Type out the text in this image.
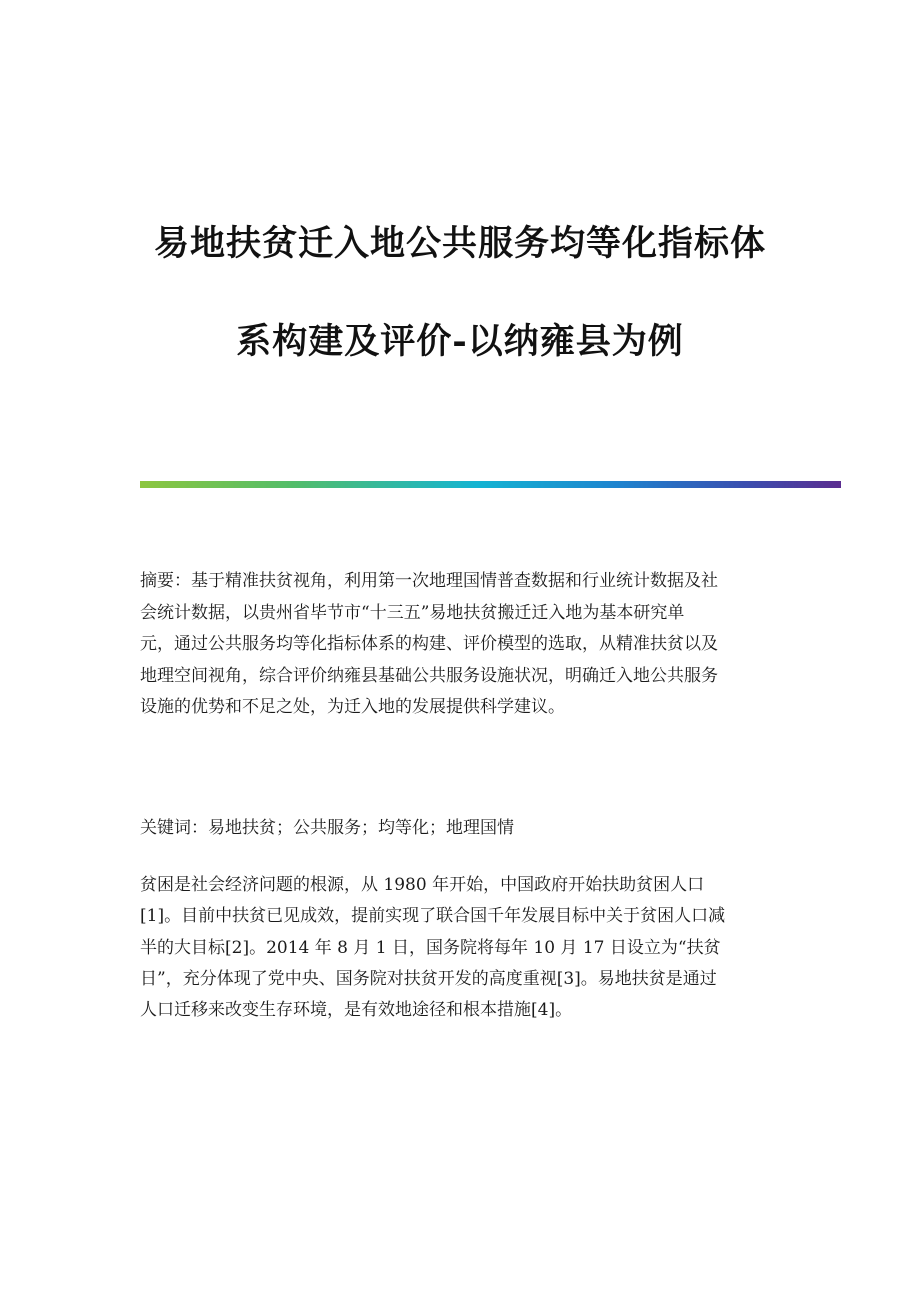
易地扶贫迁入地公共服务均等化指标体
系构建及评价-以纳雍县为例
摘要：基于精准扶贫视角，利用第一次地理国情普查数据和行业统计数据及社
会统计数据，以贵州省毕节市“十三五”易地扶贫搬迁迁入地为基本研究单
元，通过公共服务均等化指标体系的构建、评价模型的选取，从精准扶贫以及
地理空间视角，综合评价纳雍县基础公共服务设施状况，明确迁入地公共服务
设施的优势和不足之处，为迁入地的发展提供科学建议。
关键词：易地扶贫；公共服务；均等化；地理国情
贫困是社会经济问题的根源，从 1980 年开始，中国政府开始扶助贫困人口
[1]。目前中扶贫已见成效，提前实现了联合国千年发展目标中关于贫困人口减
半的大目标[2]。2014 年 8 月 1 日，国务院将每年 10 月 17 日设立为“扶贫
日”，充分体现了党中央、国务院对扶贫开发的高度重视[3]。易地扶贫是通过
人口迁移来改变生存环境，是有效地途径和根本措施[4]。
